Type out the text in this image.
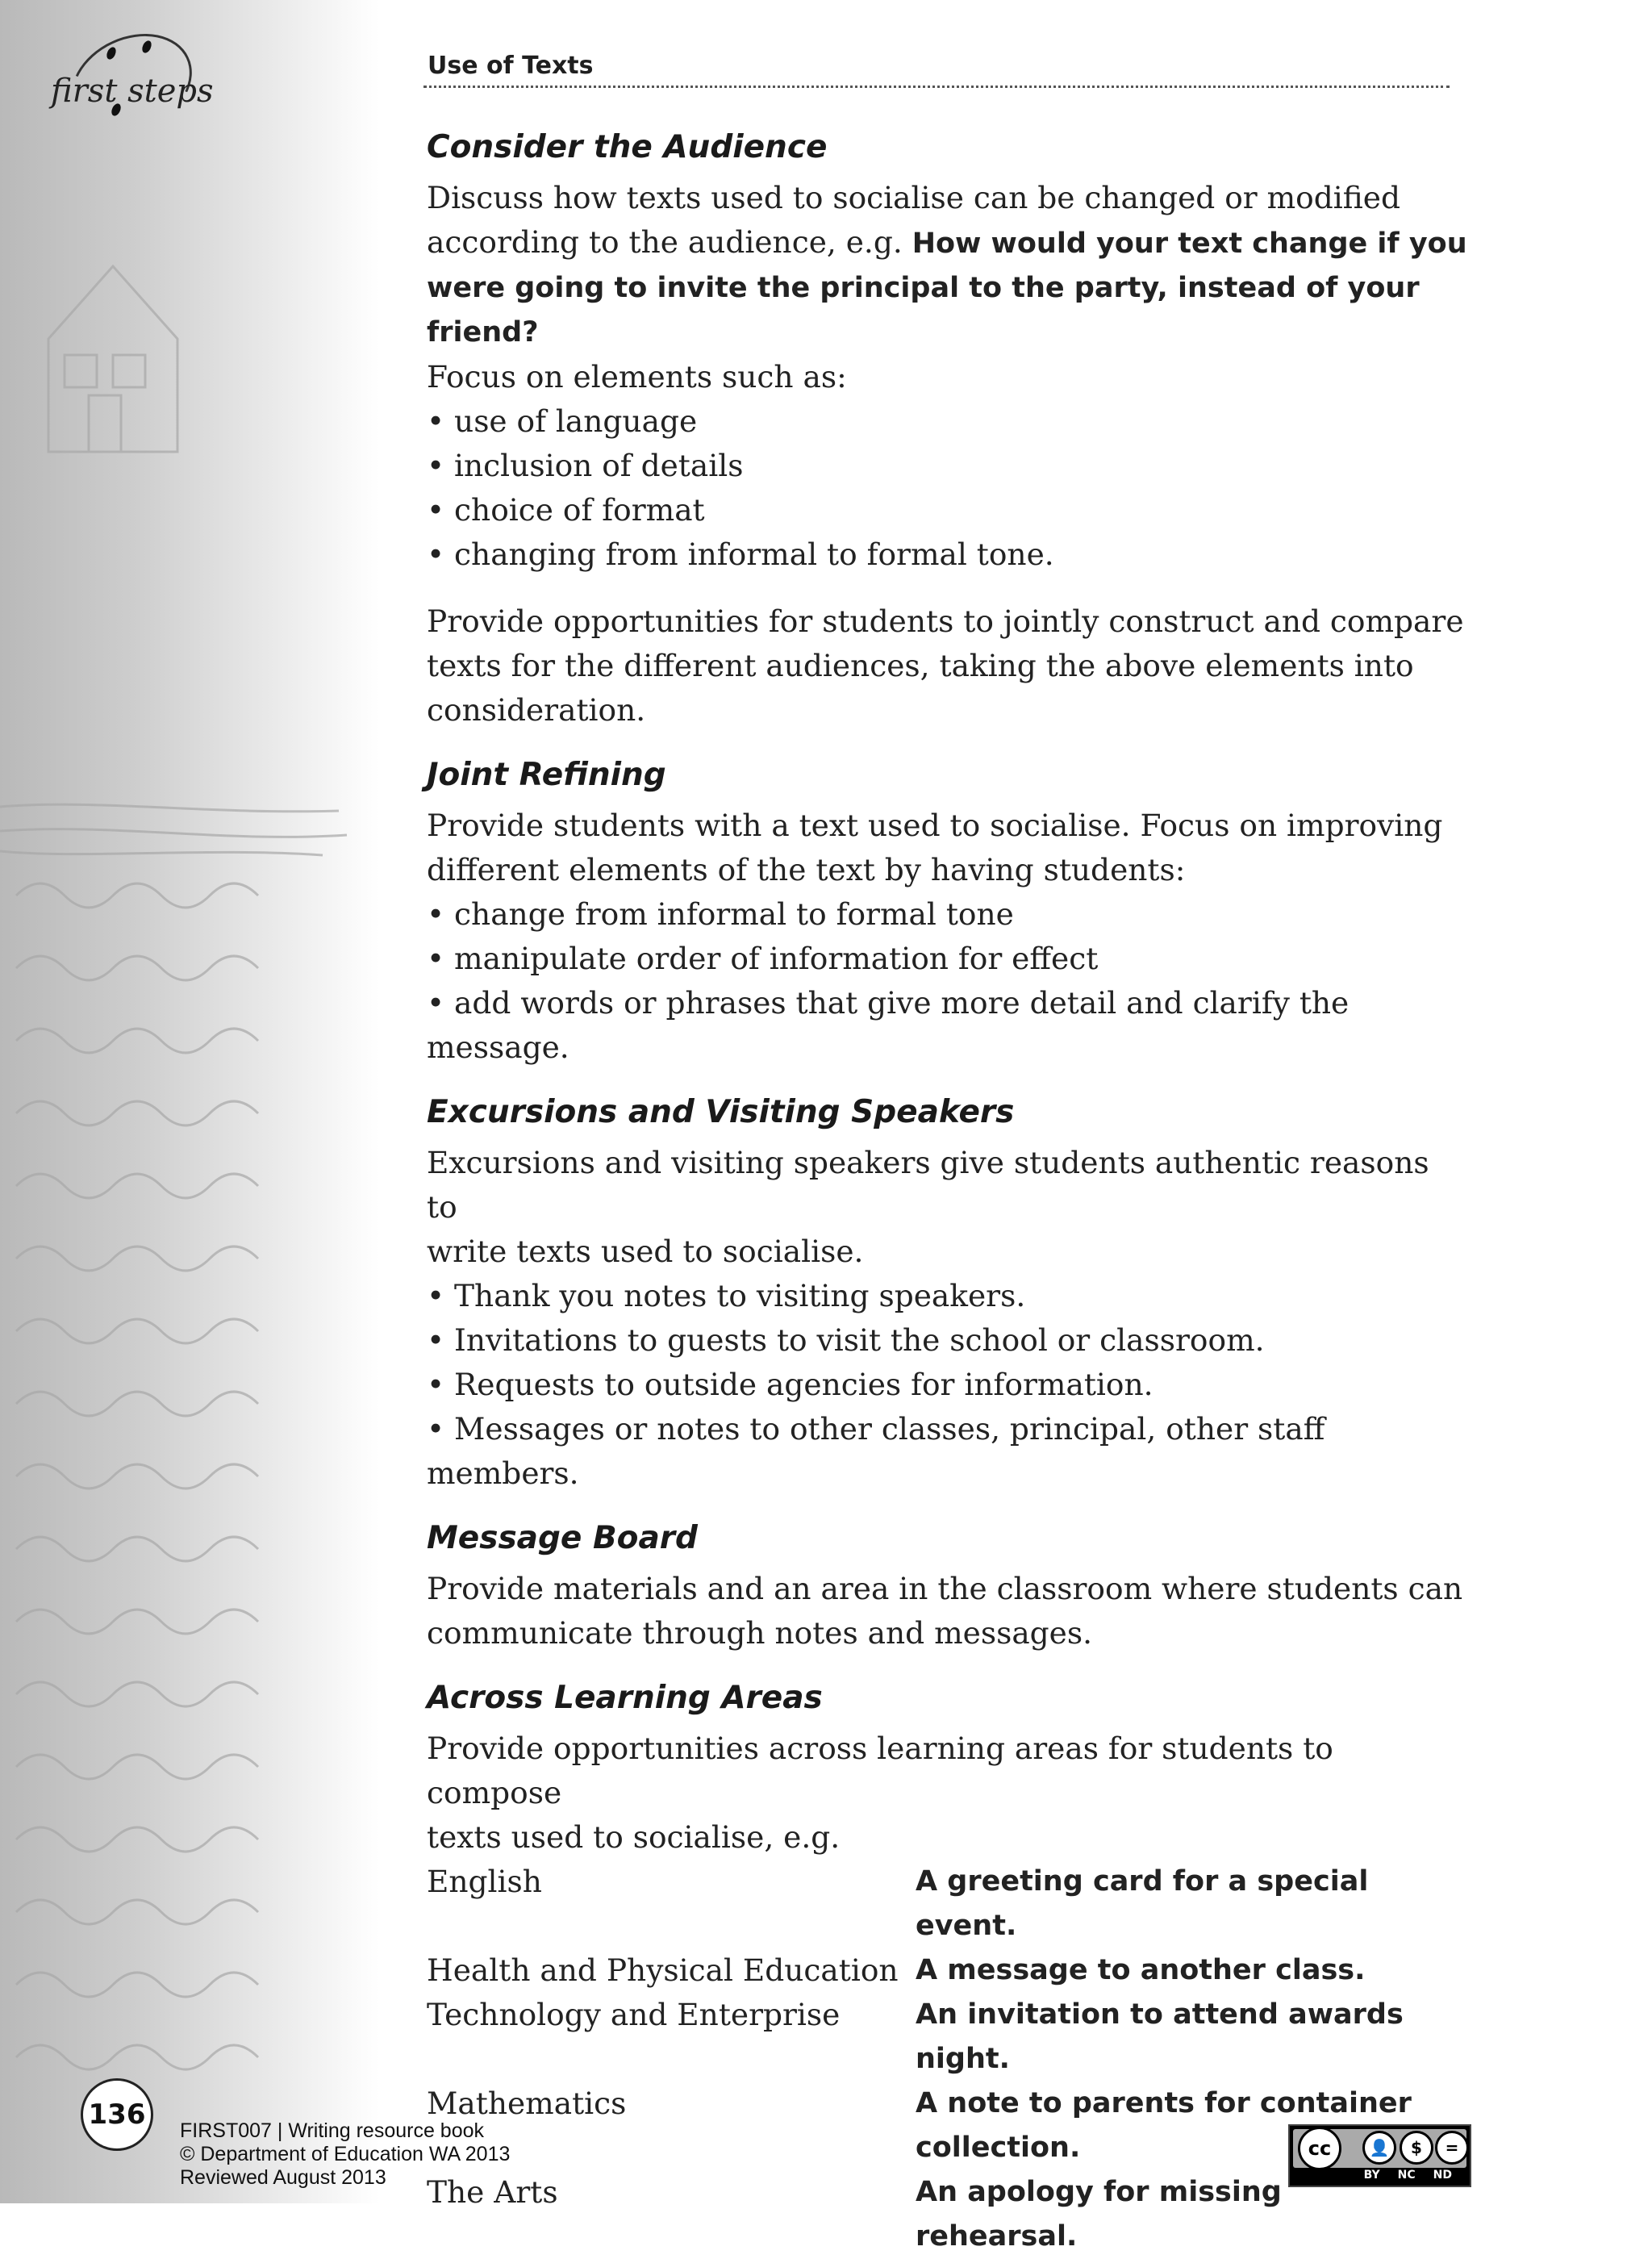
first steps
Use of Texts
Consider the Audience

Discuss how texts used to socialise can be changed or modified

according to the audience, e.g. How would your text change if you

were going to invite the principal to the party, instead of your friend?

Focus on elements such as:

• use of language

• inclusion of details

• choice of format

• changing from informal to formal tone.

Provide opportunities for students to jointly construct and compare

texts for the different audiences, taking the above elements into

consideration.

Joint Refining

Provide students with a text used to socialise. Focus on improving

different elements of the text by having students:

• change from informal to formal tone

• manipulate order of information for effect

• add words or phrases that give more detail and clarify the message.

Excursions and Visiting Speakers

Excursions and visiting speakers give students authentic reasons to

write texts used to socialise.

• Thank you notes to visiting speakers.

• Invitations to guests to visit the school or classroom.

• Requests to outside agencies for information.

• Messages or notes to other classes, principal, other staff members.

Message Board

Provide materials and an area in the classroom where students can

communicate through notes and messages.

Across Learning Areas

Provide opportunities across learning areas for students to compose

texts used to socialise, e.g.

English	A greeting card for a special event.
Health and Physical Education A message to another class.
Technology and Enterprise	An invitation to attend awards night.
Mathematics	A note to parents for container
collection.
The Arts	An apology for missing rehearsal.
136	FIRST007 | Writing resource book
© Department of Education WA 2013
Reviewed August 2013
cc	👤	$	=
BY NC ND
